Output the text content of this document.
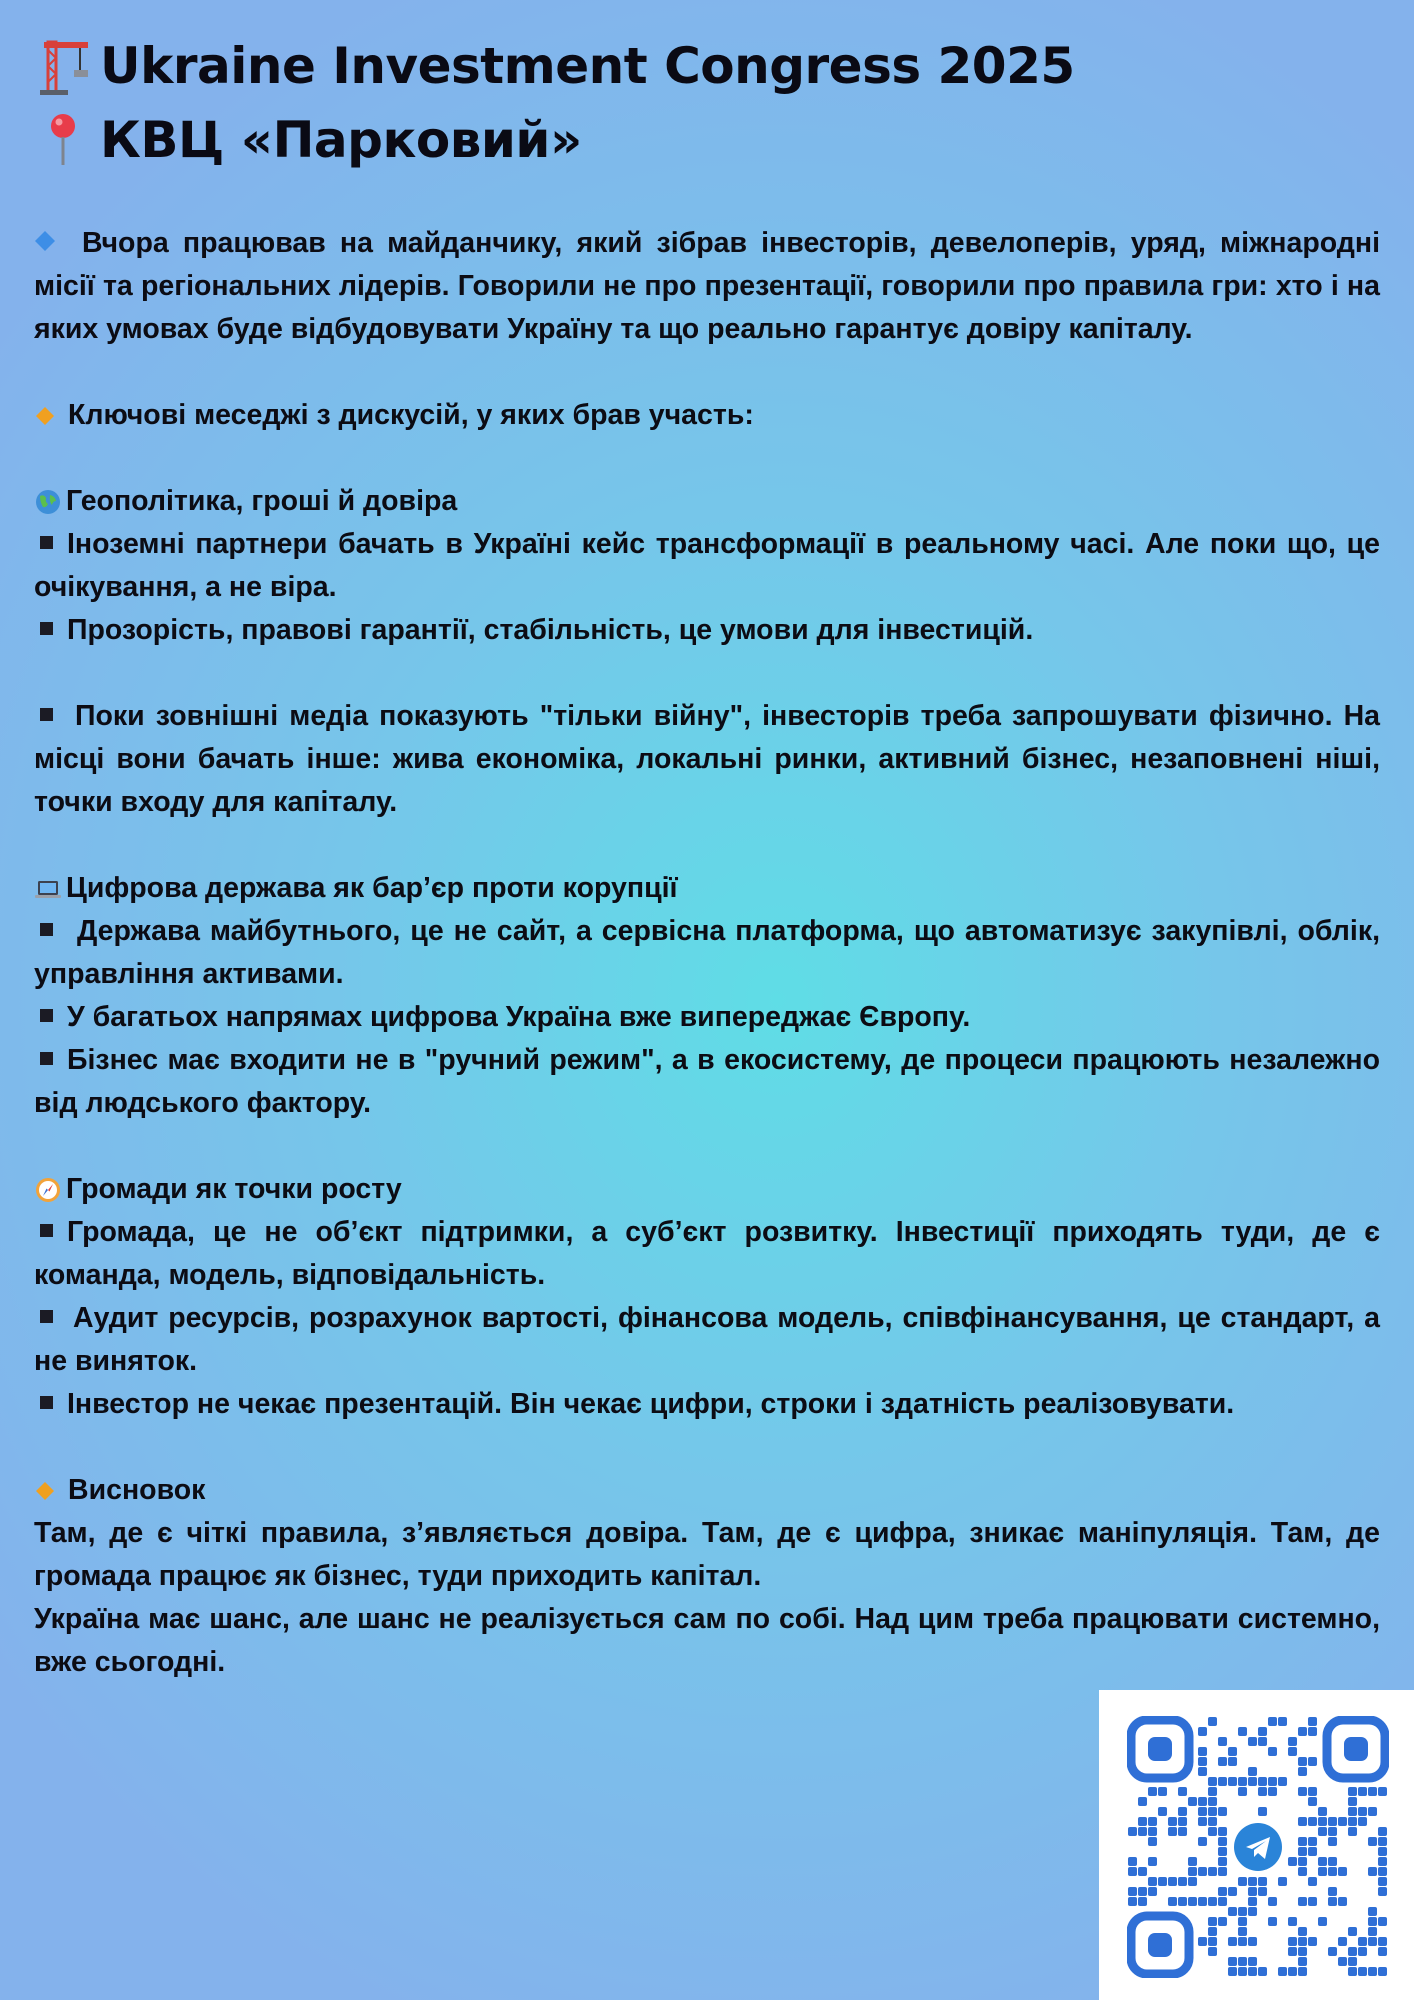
Ukraine Investment Congress 2025
КВЦ «Парковий»
Вчора працював на майданчику, який зібрав інвесторів, девелоперів, уряд, міжнародні місії та регіональних лідерів. Говорили не про презентації, говорили про правила гри: хто і на яких умовах буде відбудовувати Україну та що реально гарантує довіру капіталу.
Ключові меседжі з дискусій, у яких брав участь:
Геополітика, гроші й довіра
Іноземні партнери бачать в Україні кейс трансформації в реальному часі. Але поки що, це очікування, а не віра.
Прозорість, правові гарантії, стабільність, це умови для інвестицій.
Поки зовнішні медіа показують "тільки війну", інвесторів треба запрошувати фізично. На місці вони бачать інше: жива економіка, локальні ринки, активний бізнес, незаповнені ніші, точки входу для капіталу.
Цифрова держава як бар’єр проти корупції
Держава майбутнього, це не сайт, а сервісна платформа, що автоматизує закупівлі, облік, управління активами.
У багатьох напрямах цифрова Україна вже випереджає Європу.
Бізнес має входити не в "ручний режим", а в екосистему, де процеси працюють незалежно від людського фактору.
Громади як точки росту
Громада, це не об’єкт підтримки, а суб’єкт розвитку. Інвестиції приходять туди, де є команда, модель, відповідальність.
Аудит ресурсів, розрахунок вартості, фінансова модель, співфінансування, це стандарт, а не виняток.
Інвестор не чекає презентацій. Він чекає цифри, строки і здатність реалізовувати.
Висновок
Там, де є чіткі правила, з’являється довіра. Там, де є цифра, зникає маніпуляція. Там, де громада працює як бізнес, туди приходить капітал.
Україна має шанс, але шанс не реалізується сам по собі. Над цим треба працювати системно, вже сьогодні.
